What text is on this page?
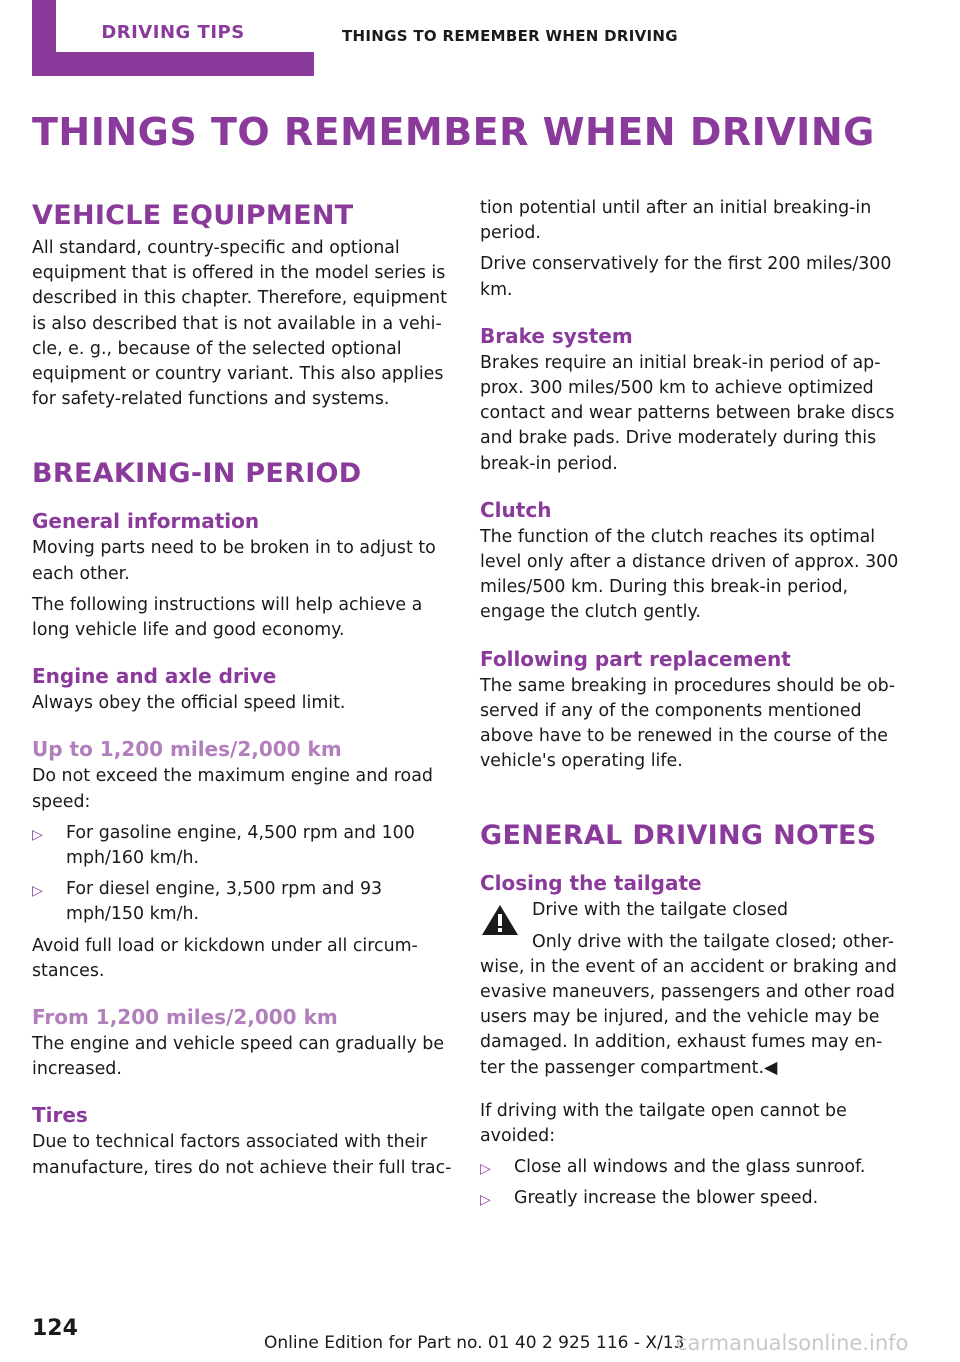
DRIVING TIPS	THINGS TO REMEMBER WHEN DRIVING
THINGS TO REMEMBER WHEN DRIVING
VEHICLE EQUIPMENT

All standard, country-specific and optional equipment that is offered in the model series is described in this chapter. Therefore, equipment is also described that is not available in a vehi-cle, e. g., because of the selected optional equipment or country variant. This also applies for safety-related functions and systems.

BREAKING-IN PERIOD
General information

Moving parts need to be broken in to adjust to each other.

The following instructions will help achieve a long vehicle life and good economy.

Engine and axle drive

Always obey the official speed limit.

Up to 1,200 miles/2,000 km

Do not exceed the maximum engine and road speed:

▷ For gasoline engine, 4,500 rpm and 100 mph/160 km/h.
▷ For diesel engine, 3,500 rpm and 93 mph/150 km/h.

Avoid full load or kickdown under all circum-stances.

From 1,200 miles/2,000 km

The engine and vehicle speed can gradually be increased.

Tires

Due to technical factors associated with their manufacture, tires do not achieve their full trac-

tion potential until after an initial breaking-in period.

Drive conservatively for the first 200 miles/300 km.

Brake system

Brakes require an initial break-in period of ap-prox. 300 miles/500 km to achieve optimized contact and wear patterns between brake discs and brake pads. Drive moderately during this break-in period.

Clutch

The function of the clutch reaches its optimal level only after a distance driven of approx. 300 miles/500 km. During this break-in period, engage the clutch gently.

Following part replacement

The same breaking in procedures should be ob-served if any of the components mentioned above have to be renewed in the course of the vehicle's operating life.

GENERAL DRIVING NOTES
Closing the tailgate

Drive with the tailgate closed

Only drive with the tailgate closed; other-wise, in the event of an accident or braking and evasive maneuvers, passengers and other road users may be injured, and the vehicle may be damaged. In addition, exhaust fumes may en-ter the passenger compartment.◀

If driving with the tailgate open cannot be avoided:

▷ Close all windows and the glass sunroof.
▷ Greatly increase the blower speed.
124
Online Edition for Part no. 01 40 2 925 116 - X/13
carmanualsonline.info
